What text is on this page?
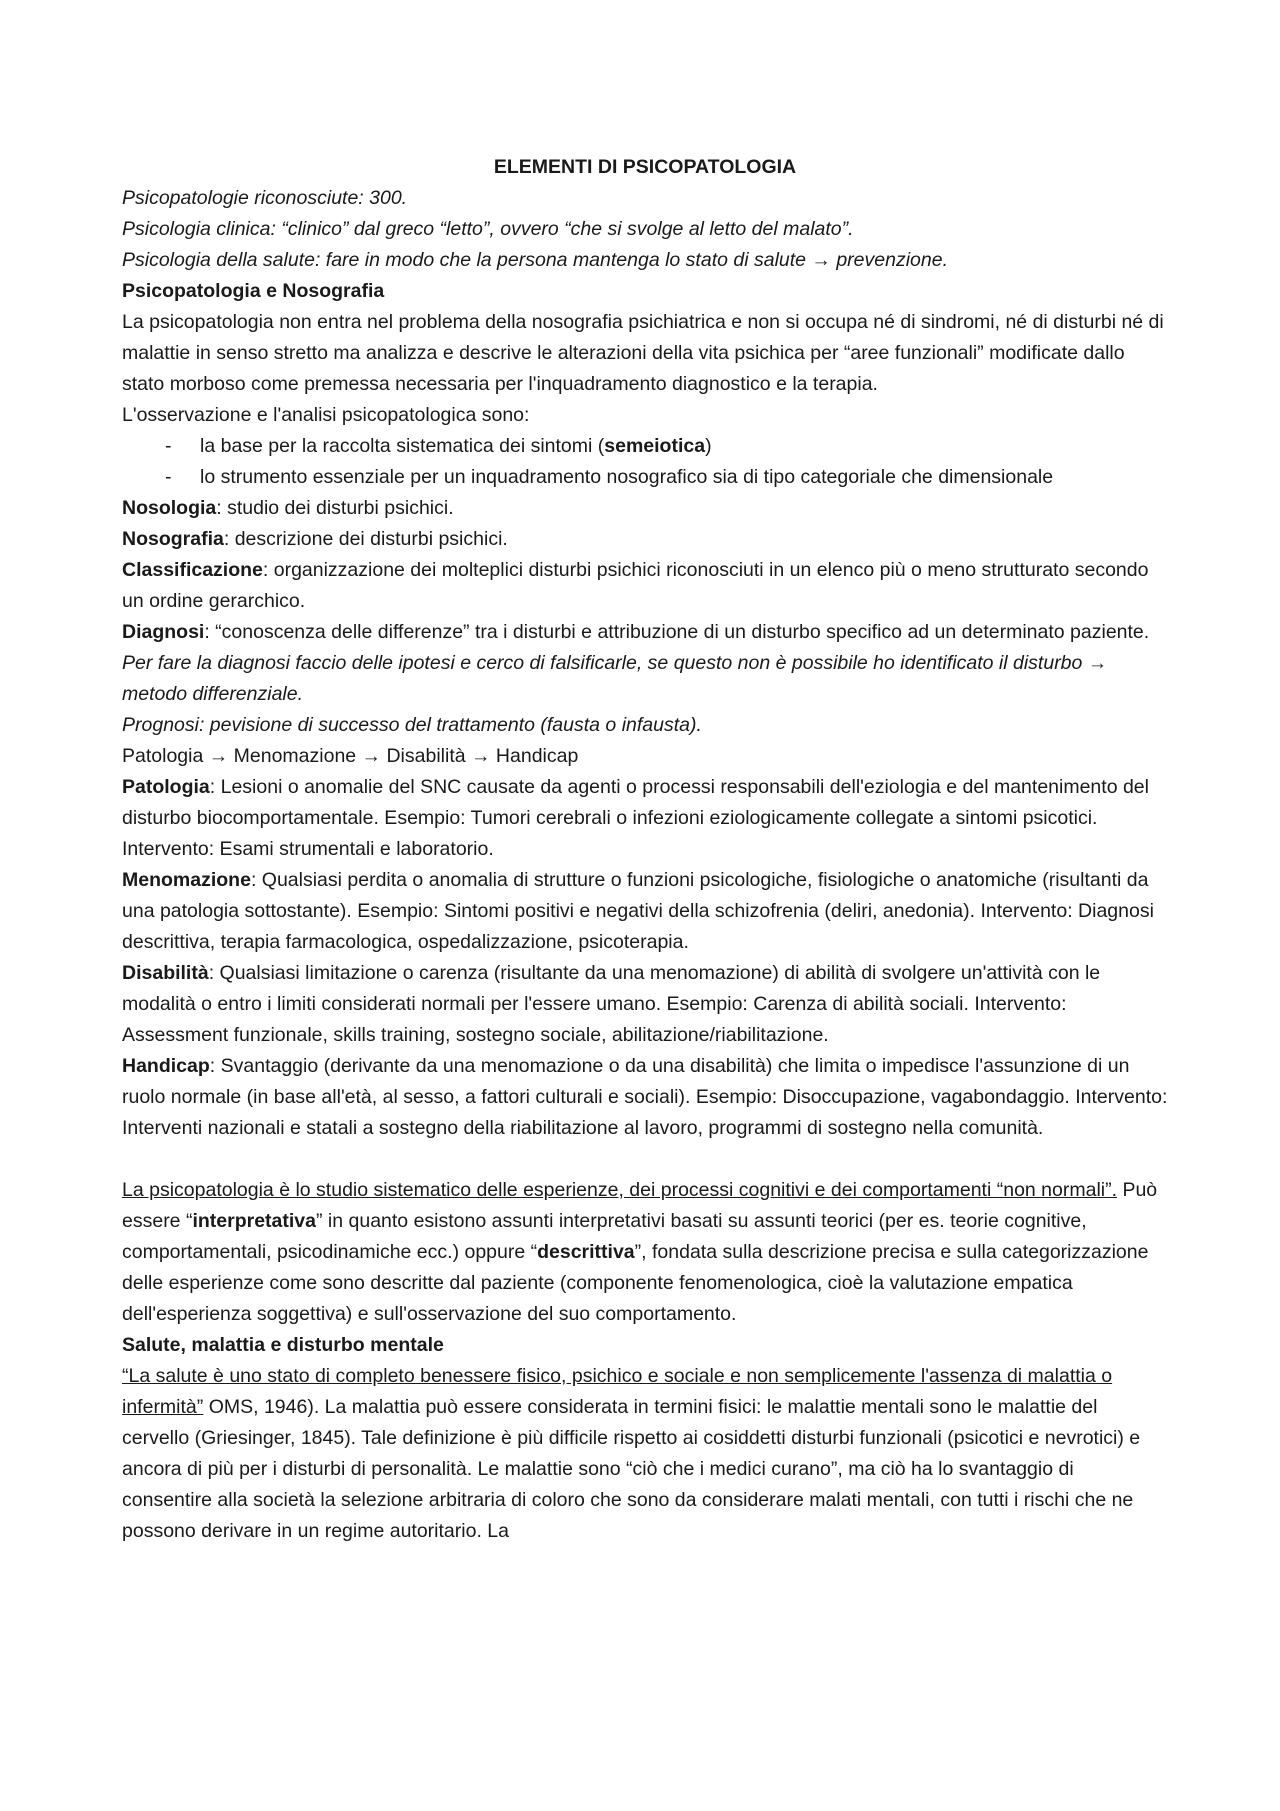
ELEMENTI DI PSICOPATOLOGIA

Psicopatologie riconosciute: 300.

Psicologia clinica: “clinico” dal greco “letto”, ovvero “che si svolge al letto del malato”.

Psicologia della salute: fare in modo che la persona mantenga lo stato di salute → prevenzione.

Psicopatologia e Nosografia

La psicopatologia non entra nel problema della nosografia psichiatrica e non si occupa né di sindromi, né di disturbi né di malattie in senso stretto ma analizza e descrive le alterazioni della vita psichica per “aree funzionali” modificate dallo stato morboso come premessa necessaria per l'inquadramento diagnostico e la terapia.

L'osservazione e l'analisi psicopatologica sono:

- la base per la raccolta sistematica dei sintomi (semeiotica)
- lo strumento essenziale per un inquadramento nosografico sia di tipo categoriale che dimensionale

Nosologia: studio dei disturbi psichici.

Nosografia: descrizione dei disturbi psichici.

Classificazione: organizzazione dei molteplici disturbi psichici riconosciuti in un elenco più o meno strutturato secondo un ordine gerarchico.

Diagnosi: “conoscenza delle differenze” tra i disturbi e attribuzione di un disturbo specifico ad un determinato paziente.

Per fare la diagnosi faccio delle ipotesi e cerco di falsificarle, se questo non è possibile ho identificato il disturbo → metodo differenziale.

Prognosi: pevisione di successo del trattamento (fausta o infausta).

Patologia → Menomazione → Disabilità → Handicap

Patologia: Lesioni o anomalie del SNC causate da agenti o processi responsabili dell'eziologia e del mantenimento del disturbo biocomportamentale. Esempio: Tumori cerebrali o infezioni eziologicamente collegate a sintomi psicotici. Intervento: Esami strumentali e laboratorio.

Menomazione: Qualsiasi perdita o anomalia di strutture o funzioni psicologiche, fisiologiche o anatomiche (risultanti da una patologia sottostante). Esempio: Sintomi positivi e negativi della schizofrenia (deliri, anedonia). Intervento: Diagnosi descrittiva, terapia farmacologica, ospedalizzazione, psicoterapia.

Disabilità: Qualsiasi limitazione o carenza (risultante da una menomazione) di abilità di svolgere un'attività con le modalità o entro i limiti considerati normali per l'essere umano. Esempio: Carenza di abilità sociali. Intervento: Assessment funzionale, skills training, sostegno sociale, abilitazione/riabilitazione.

Handicap: Svantaggio (derivante da una menomazione o da una disabilità) che limita o impedisce l'assunzione di un ruolo normale (in base all'età, al sesso, a fattori culturali e sociali). Esempio: Disoccupazione, vagabondaggio. Intervento: Interventi nazionali e statali a sostegno della riabilitazione al lavoro, programmi di sostegno nella comunità.

La psicopatologia è lo studio sistematico delle esperienze, dei processi cognitivi e dei comportamenti “non normali”. Può essere “interpretativa” in quanto esistono assunti interpretativi basati su assunti teorici (per es. teorie cognitive, comportamentali, psicodinamiche ecc.) oppure “descrittiva”, fondata sulla descrizione precisa e sulla categorizzazione delle esperienze come sono descritte dal paziente (componente fenomenologica, cioè la valutazione empatica dell'esperienza soggettiva) e sull'osservazione del suo comportamento.

Salute, malattia e disturbo mentale

“La salute è uno stato di completo benessere fisico, psichico e sociale e non semplicemente l'assenza di malattia o infermità” OMS, 1946). La malattia può essere considerata in termini fisici: le malattie mentali sono le malattie del cervello (Griesinger, 1845). Tale definizione è più difficile rispetto ai cosiddetti disturbi funzionali (psicotici e nevrotici) e ancora di più per i disturbi di personalità. Le malattie sono “ciò che i medici curano”, ma ciò ha lo svantaggio di consentire alla società la selezione arbitraria di coloro che sono da considerare malati mentali, con tutti i rischi che ne possono derivare in un regime autoritario. La
